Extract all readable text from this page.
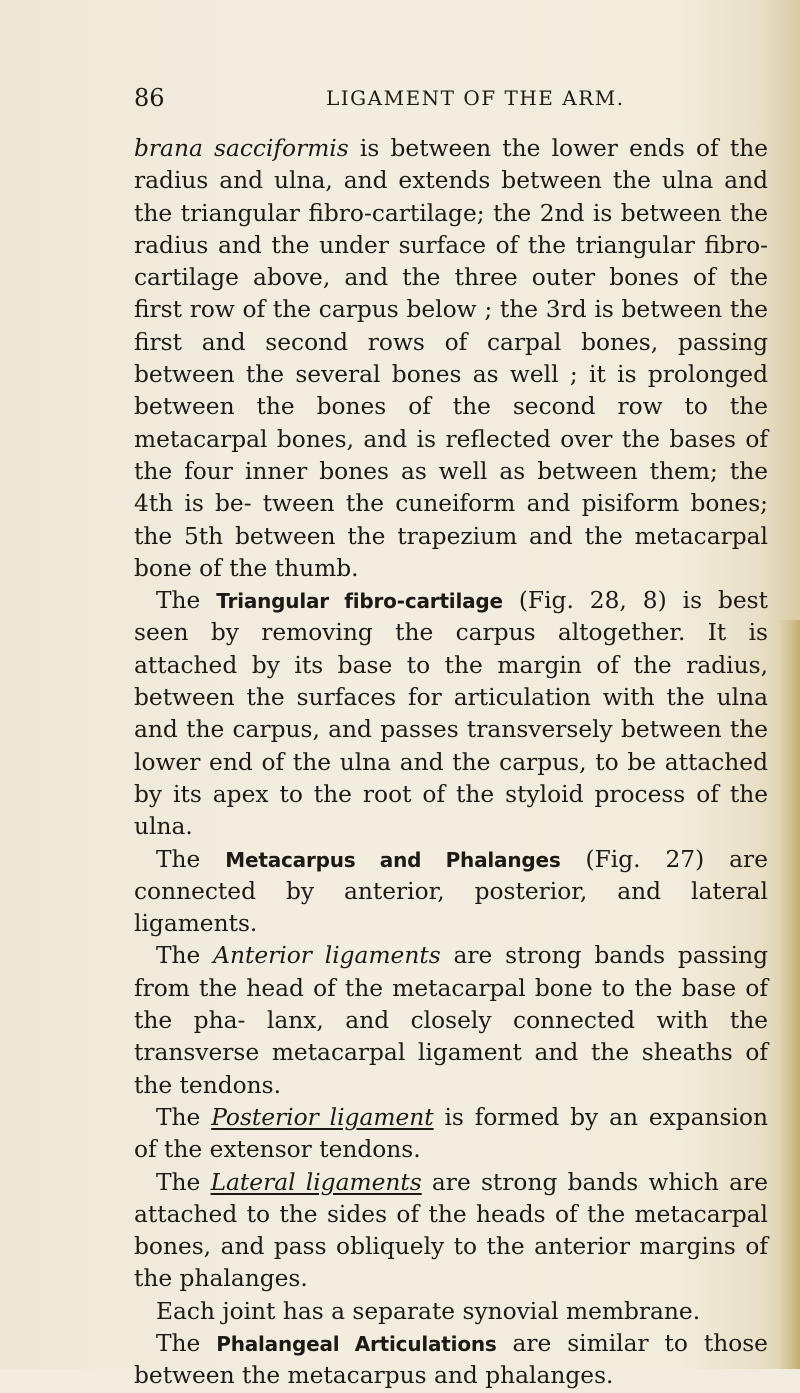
86	LIGAMENT OF THE ARM.

brana sacciformis is between the lower ends of the radius and ulna, and extends between the ulna and the triangular fibro-cartilage; the 2nd is between the radius and the under surface of the triangular fibro-cartilage above, and the three outer bones of the first row of the carpus below ; the 3rd is between the first and second rows of carpal bones, passing between the several bones as well ; it is prolonged between the bones of the second row to the metacarpal bones, and is reflected over the bases of the four inner bones as well as between them; the 4th is be- tween the cuneiform and pisiform bones; the 5th between the trapezium and the metacarpal bone of the thumb.

The Triangular fibro-cartilage (Fig. 28, 8) is best seen by removing the carpus altogether. It is attached by its base to the margin of the radius, between the surfaces for articulation with the ulna and the carpus, and passes transversely between the lower end of the ulna and the carpus, to be attached by its apex to the root of the styloid process of the ulna.

The Metacarpus and Phalanges (Fig. 27) are connected by anterior, posterior, and lateral ligaments.

The Anterior ligaments are strong bands passing from the head of the metacarpal bone to the base of the pha- lanx, and closely connected with the transverse metacarpal ligament and the sheaths of the tendons.

The Posterior ligament is formed by an expansion of the extensor tendons.

The Lateral ligaments are strong bands which are attached to the sides of the heads of the metacarpal bones, and pass obliquely to the anterior margins of the phalanges.

Each joint has a separate synovial membrane.

The Phalangeal Articulations are similar to those between the metacarpus and phalanges.
